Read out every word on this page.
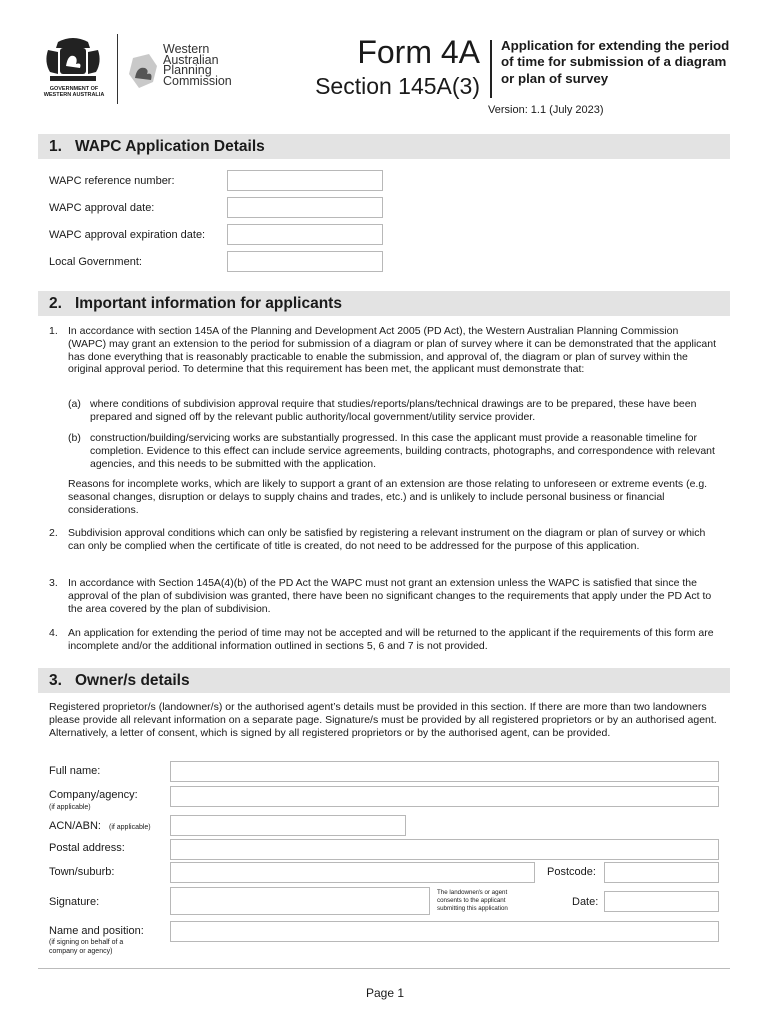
GOVERNMENT OF WESTERN AUSTRALIA
Western
Australian
Planning
Commission
Form 4A
Section 145A(3)
Application for extending the period of time for submission of a diagram or plan of survey
Version: 1.1 (July 2023)
1. WAPC Application Details
WAPC reference number:
WAPC approval date:
WAPC approval expiration date:
Local Government:
2. Important information for applicants
1. In accordance with section 145A of the Planning and Development Act 2005 (PD Act), the Western Australian Planning Commission (WAPC) may grant an extension to the period for submission of a diagram or plan of survey where it can be demonstrated that the applicant has done everything that is reasonably practicable to enable the submission, and approval of, the diagram or plan of survey within the original approval period. To determine that this requirement has been met, the applicant must demonstrate that:
(a) where conditions of subdivision approval require that studies/reports/plans/technical drawings are to be prepared, these have been prepared and signed off by the relevant public authority/local government/utility service provider.
(b) construction/building/servicing works are substantially progressed. In this case the applicant must provide a reasonable timeline for completion. Evidence to this effect can include service agreements, building contracts, photographs, and correspondence with relevant agencies, and this needs to be submitted with the application.
Reasons for incomplete works, which are likely to support a grant of an extension are those relating to unforeseen or extreme events (e.g. seasonal changes, disruption or delays to supply chains and trades, etc.) and is unlikely to include personal business or financial considerations.
2. Subdivision approval conditions which can only be satisfied by registering a relevant instrument on the diagram or plan of survey or which can only be complied when the certificate of title is created, do not need to be addressed for the purpose of this application.
3. In accordance with Section 145A(4)(b) of the PD Act the WAPC must not grant an extension unless the WAPC is satisfied that since the approval of the plan of subdivision was granted, there have been no significant changes to the requirements that apply under the PD Act to the area covered by the plan of subdivision.
4. An application for extending the period of time may not be accepted and will be returned to the applicant if the requirements of this form are incomplete and/or the additional information outlined in sections 5, 6 and 7 is not provided.
3. Owner/s details
Registered proprietor/s (landowner/s) or the authorised agent’s details must be provided in this section. If there are more than two landowners please provide all relevant information on a separate page. Signature/s must be provided by all registered proprietors or by an authorised agent. Alternatively, a letter of consent, which is signed by all registered proprietors or by the authorised agent, can be provided.
Full name:
Company/agency:
(if applicable)
ACN/ABN: (if applicable)
Postal address:
Town/suburb:	Postcode:
Signature:
The landowner/s or agent consents to the applicant submitting this application
Date:
Name and position:
(if signing on behalf of a company or agency)
Page 1
